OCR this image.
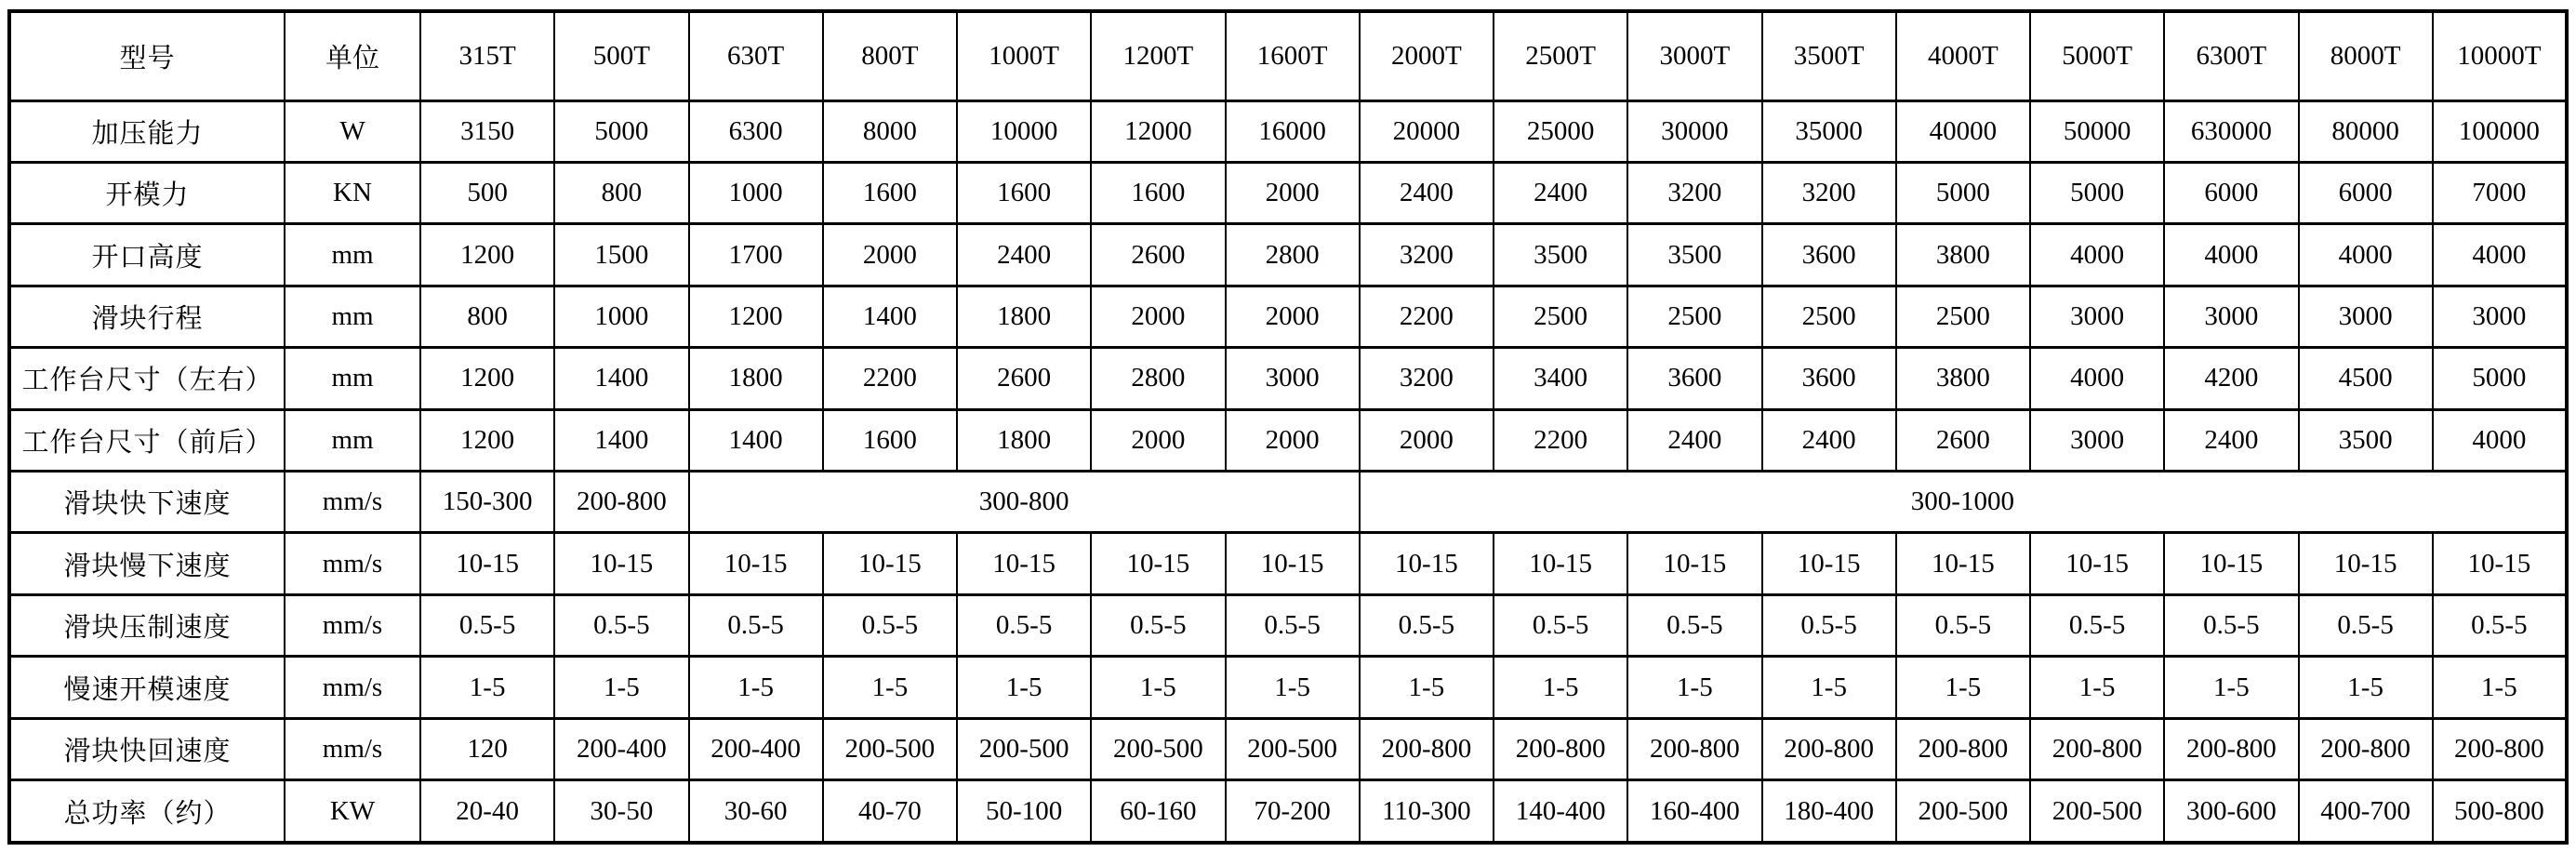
型号	单位	315T	500T	630T	800T	1000T	1200T	1600T	2000T	2500T	3000T	3500T	4000T	5000T	6300T	8000T	10000T
加压能力	W	3150	5000	6300	8000	10000	12000	16000	20000	25000	30000	35000	40000	50000	630000	80000	100000
开模力	KN	500	800	1000	1600	1600	1600	2000	2400	2400	3200	3200	5000	5000	6000	6000	7000
开口高度	mm	1200	1500	1700	2000	2400	2600	2800	3200	3500	3500	3600	3800	4000	4000	4000	4000
滑块行程	mm	800	1000	1200	1400	1800	2000	2000	2200	2500	2500	2500	2500	3000	3000	3000	3000
工作台尺寸（左右）	mm	1200	1400	1800	2200	2600	2800	3000	3200	3400	3600	3600	3800	4000	4200	4500	5000
工作台尺寸（前后）	mm	1200	1400	1400	1600	1800	2000	2000	2000	2200	2400	2400	2600	3000	2400	3500	4000
滑块快下速度	mm/s	150-300	200-800	300-800					300-1000								
滑块慢下速度	mm/s	10-15	10-15	10-15	10-15	10-15	10-15	10-15	10-15	10-15	10-15	10-15	10-15	10-15	10-15	10-15	10-15
滑块压制速度	mm/s	0.5-5	0.5-5	0.5-5	0.5-5	0.5-5	0.5-5	0.5-5	0.5-5	0.5-5	0.5-5	0.5-5	0.5-5	0.5-5	0.5-5	0.5-5	0.5-5
慢速开模速度	mm/s	1-5	1-5	1-5	1-5	1-5	1-5	1-5	1-5	1-5	1-5	1-5	1-5	1-5	1-5	1-5	1-5
滑块快回速度	mm/s	120	200-400	200-400	200-500	200-500	200-500	200-500	200-800	200-800	200-800	200-800	200-800	200-800	200-800	200-800	200-800
总功率（约）	KW	20-40	30-50	30-60	40-70	50-100	60-160	70-200	110-300	140-400	160-400	180-400	200-500	200-500	300-600	400-700	500-800
